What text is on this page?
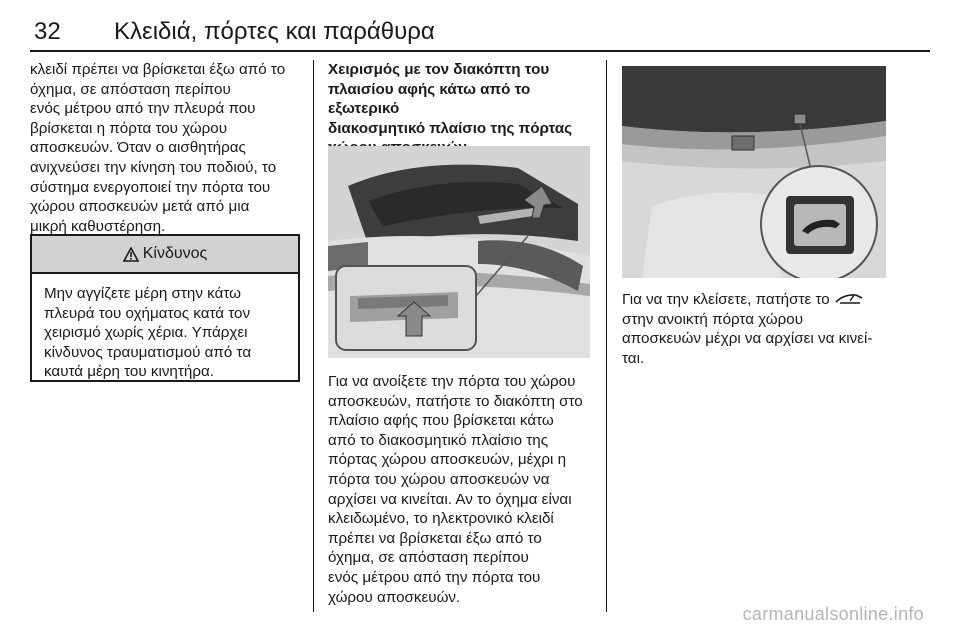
32 Κλειδιά, πόρτες και παράθυρα

κλειδί πρέπει να βρίσκεται έξω από το
όχημα, σε απόσταση περίπου
ενός μέτρου από την πλευρά που
βρίσκεται η πόρτα του χώρου
αποσκευών. Όταν ο αισθητήρας
ανιχνεύσει την κίνηση του ποδιού, το
σύστημα ενεργοποιεί την πόρτα του
χώρου αποσκευών μετά από μια
μικρή καθυστέρηση.

Κίνδυνος
Μην αγγίζετε μέρη στην κάτω
πλευρά του οχήματος κατά τον
χειρισμό χωρίς χέρια. Υπάρχει
κίνδυνος τραυματισμού από τα
καυτά μέρη του κινητήρα.

Χειρισμός με τον διακόπτη του
πλαισίου αφής κάτω από το εξωτερικό
διακοσμητικό πλαίσιο της πόρτας

Για να ανοίξετε την πόρτα του χώρου
αποσκευών, πατήστε το διακόπτη στο
πλαίσιο αφής που βρίσκεται κάτω
από το διακοσμητικό πλαίσιο της
πόρτας χώρου αποσκευών, μέχρι η
πόρτα του χώρου αποσκευών να
αρχίσει να κινείται. Αν το όχημα είναι
κλειδωμένο, το ηλεκτρονικό κλειδί
πρέπει να βρίσκεται έξω από το
όχημα, σε απόσταση περίπου
ενός μέτρου από την πόρτα του
χώρου αποσκευών.

Για να την κλείσετε, πατήστε το
στην ανοικτή πόρτα χώρου
αποσκευών μέχρι να αρχίσει να κινεί-
ται.

carmanualsonline.info
